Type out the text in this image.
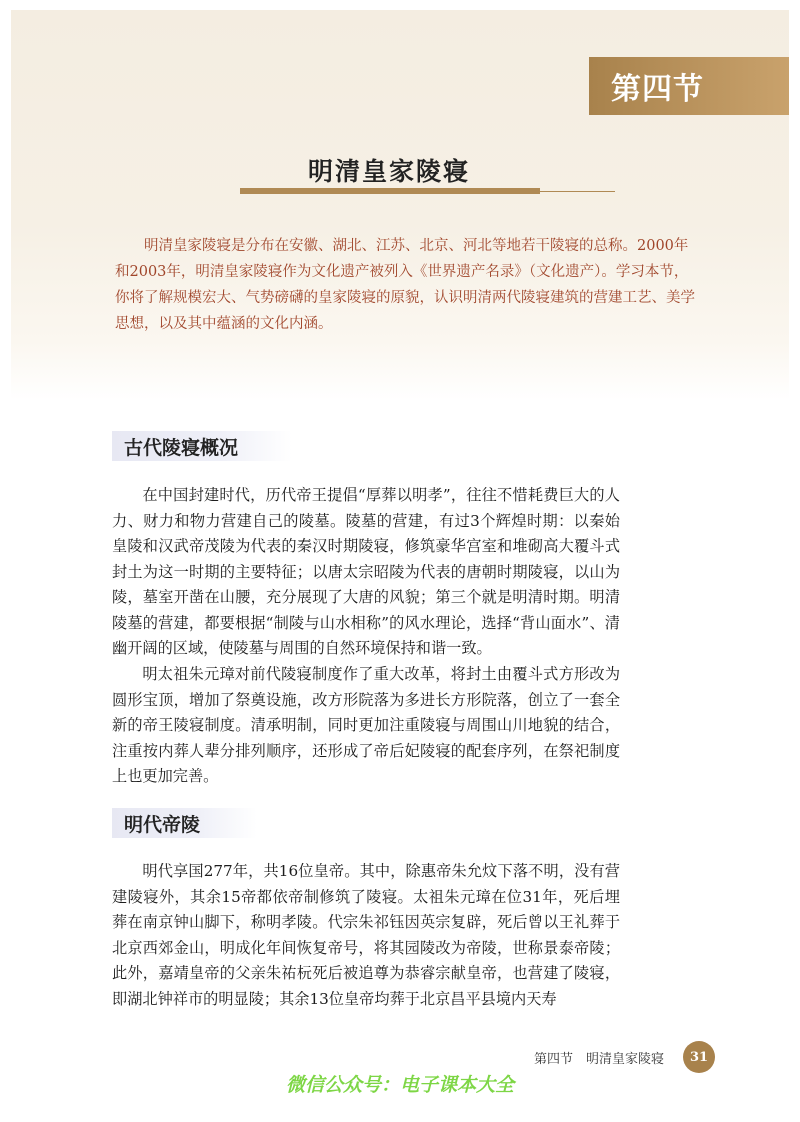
第四节
明清皇家陵寝
明清皇家陵寝是分布在安徽、湖北、江苏、北京、河北等地若干陵寝的总称。2000年和2003年，明清皇家陵寝作为文化遗产被列入《世界遗产名录》（文化遗产）。学习本节，你将了解规模宏大、气势磅礴的皇家陵寝的原貌，认识明清两代陵寝建筑的营建工艺、美学思想，以及其中蕴涵的文化内涵。
古代陵寝概况

在中国封建时代，历代帝王提倡“厚葬以明孝”，往往不惜耗费巨大的人力、财力和物力营建自己的陵墓。陵墓的营建，有过3个辉煌时期：以秦始皇陵和汉武帝茂陵为代表的秦汉时期陵寝，修筑豪华宫室和堆砌高大覆斗式封土为这一时期的主要特征；以唐太宗昭陵为代表的唐朝时期陵寝，以山为陵，墓室开凿在山腰，充分展现了大唐的风貌；第三个就是明清时期。明清陵墓的营建，都要根据“制陵与山水相称”的风水理论，选择“背山面水”、清幽开阔的区域，使陵墓与周围的自然环境保持和谐一致。

明太祖朱元璋对前代陵寝制度作了重大改革，将封土由覆斗式方形改为圆形宝顶，增加了祭奠设施，改方形院落为多进长方形院落，创立了一套全新的帝王陵寝制度。清承明制，同时更加注重陵寝与周围山川地貌的结合，注重按内葬人辈分排列顺序，还形成了帝后妃陵寝的配套序列，在祭祀制度上也更加完善。

明代帝陵

明代享国277年，共16位皇帝。其中，除惠帝朱允炆下落不明，没有营建陵寝外，其余15帝都依帝制修筑了陵寝。太祖朱元璋在位31年，死后埋葬在南京钟山脚下，称明孝陵。代宗朱祁钰因英宗复辟，死后曾以王礼葬于北京西郊金山，明成化年间恢复帝号，将其园陵改为帝陵，世称景泰帝陵；此外，嘉靖皇帝的父亲朱祐杬死后被追尊为恭睿宗献皇帝，也营建了陵寝，即湖北钟祥市的明显陵；其余13位皇帝均葬于北京昌平县境内天寿

第四节　明清皇家陵寝	31
微信公众号：电子课本大全
